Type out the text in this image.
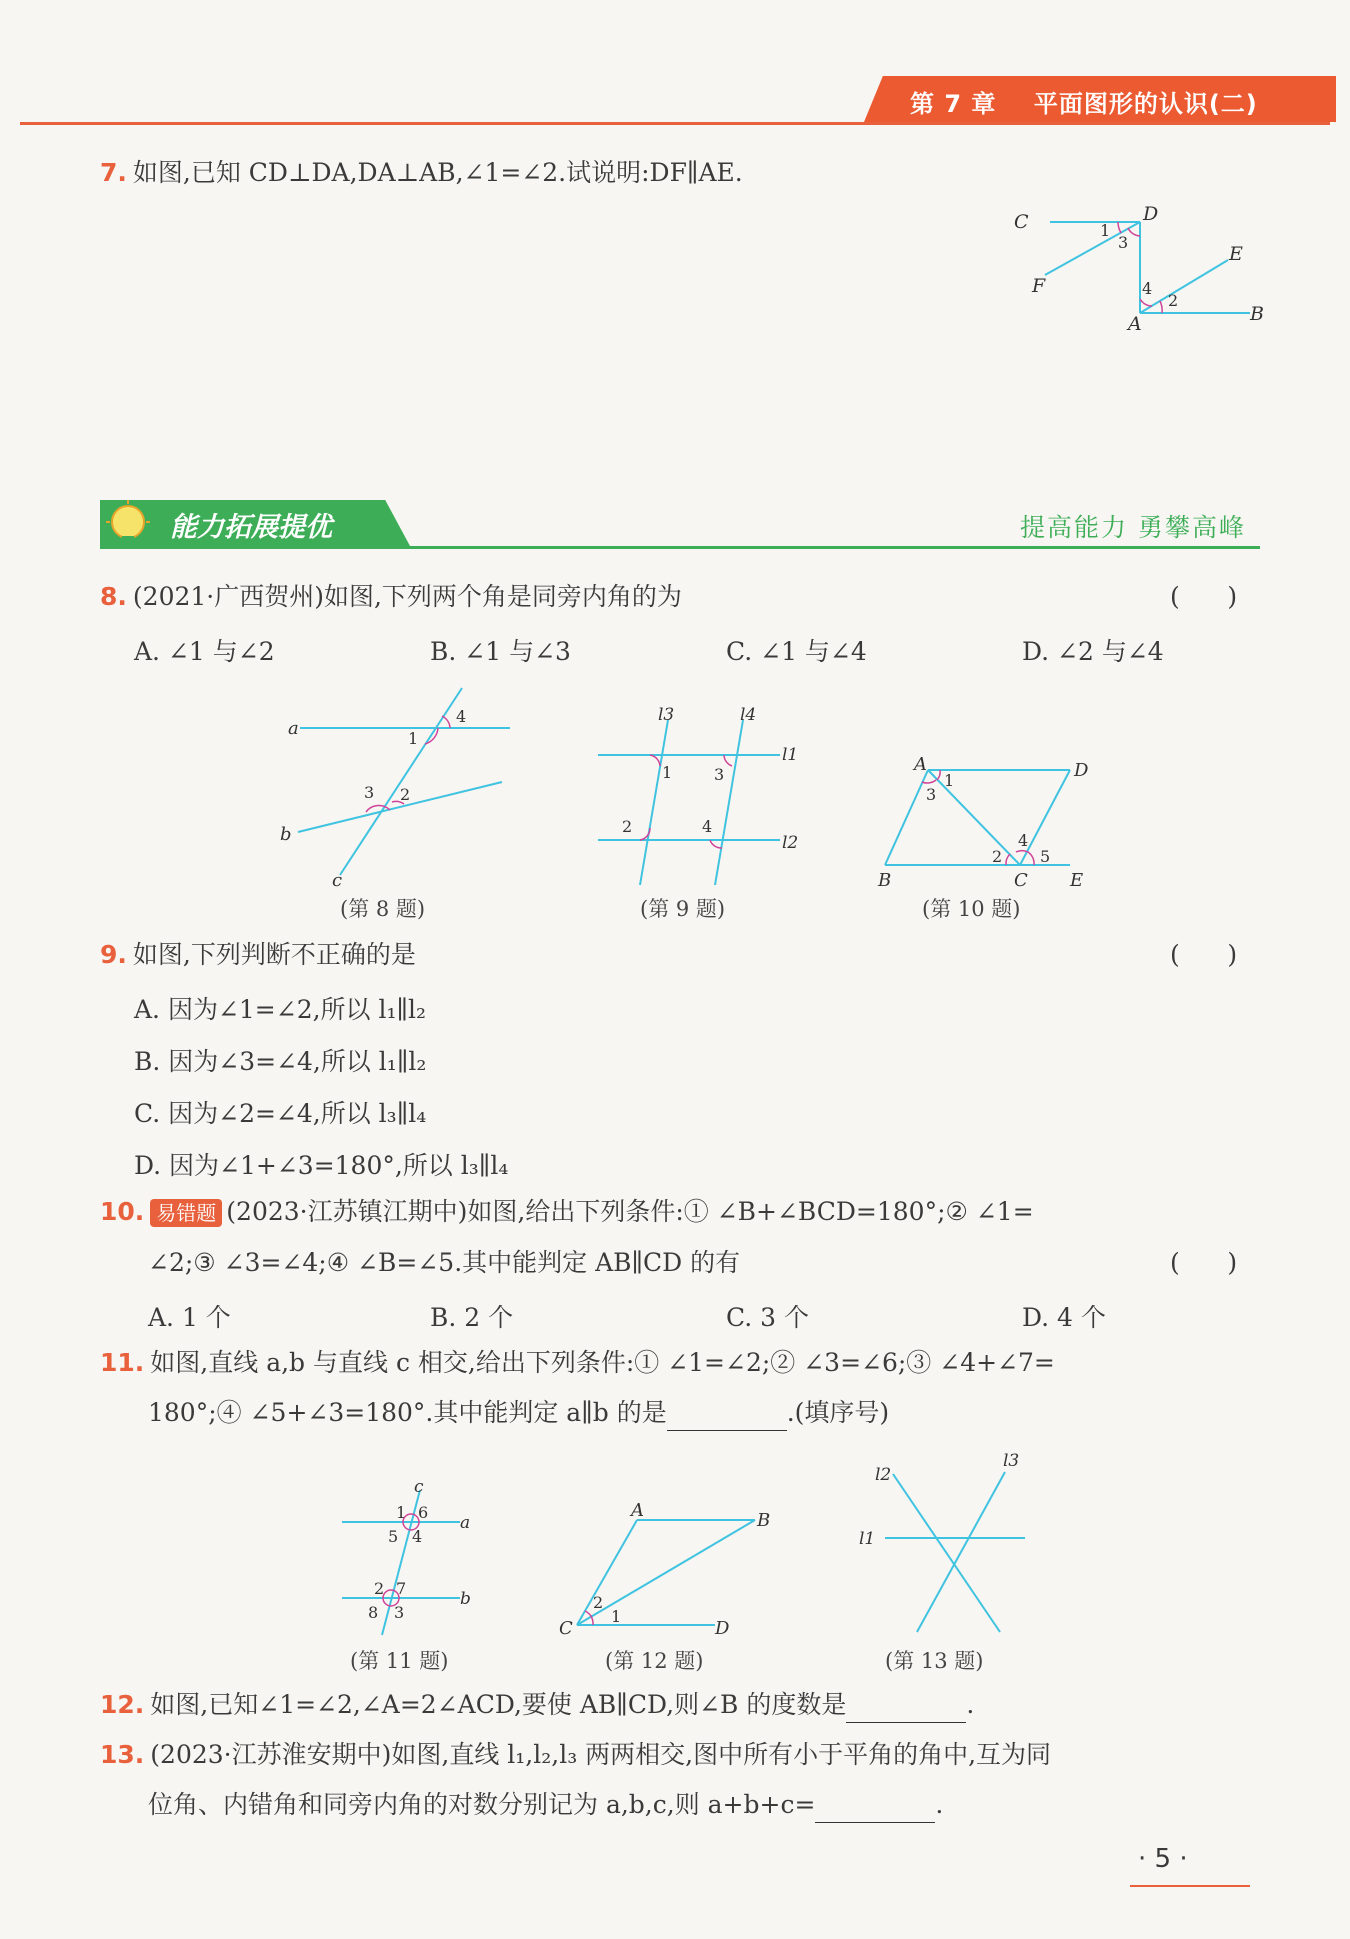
第 7 章    平面图形的认识(二)
7. 如图,已知 CD⊥DA,DA⊥AB,∠1=∠2.试说明:DF∥AE.
C	D
E
F
A	B
1
3
4
2
能力拓展提优	提高能力 勇攀高峰
8. (2021·广西贺州)如图,下列两个角是同旁内角的为	(      )
A. ∠1 与∠2	B. ∠1 与∠3	C. ∠1 与∠4	D. ∠2 与∠4
a
b
c
4
1
3 2
(第 8 题)
l3	l4
l1
l2
1	3
2	4
(第 9 题)
A	D
B	C E
1
3
4
2 5
(第 10 题)
9. 如图,下列判断不正确的是	(      )
A. 因为∠1=∠2,所以 l₁∥l₂
B. 因为∠3=∠4,所以 l₁∥l₂
C. 因为∠2=∠4,所以 l₃∥l₄
D. 因为∠1+∠3=180°,所以 l₃∥l₄
10. 易错题 (2023·江苏镇江期中)如图,给出下列条件:① ∠B+∠BCD=180°;② ∠1=
∠2;③ ∠3=∠4;④ ∠B=∠5.其中能判定 AB∥CD 的有	(      )
A. 1 个	B. 2 个	C. 3 个	D. 4 个
11. 如图,直线 a,b 与直线 c 相交,给出下列条件:① ∠1=∠2;② ∠3=∠6;③ ∠4+∠7=
180°;④ ∠5+∠3=180°.其中能判定 a∥b 的是	.(填序号)
c
a
b
1 6
5 4
2 7
8 3
(第 11 题)
A	B
C	D
2
1
(第 12 题)
l2
l3
l1
(第 13 题)
12. 如图,已知∠1=∠2,∠A=2∠ACD,要使 AB∥CD,则∠B 的度数是	.
13. (2023·江苏淮安期中)如图,直线 l₁,l₂,l₃ 两两相交,图中所有小于平角的角中,互为同
位角、内错角和同旁内角的对数分别记为 a,b,c,则 a+b+c=	.
· 5 ·
